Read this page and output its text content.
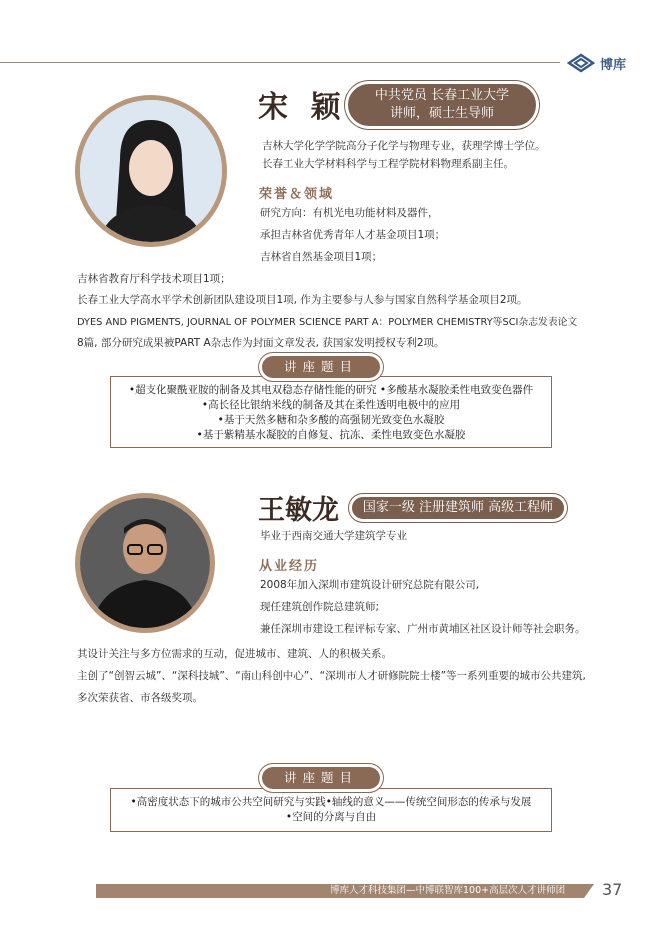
博库
宋 颖	中共党员 长春工业大学
讲师，硕士生导师
吉林大学化学学院高分子化学与物理专业，获理学博士学位。
长春工业大学材料科学与工程学院材料物理系副主任。
荣誉＆领域
研究方向：有机光电功能材料及器件，
承担吉林省优秀青年人才基金项目1项；
吉林省自然基金项目1项；
吉林省教育厅科学技术项目1项；
长春工业大学高水平学术创新团队建设项目1项, 作为主要参与人参与国家自然科学基金项目2项。
DYES AND PIGMENTS, JOURNAL OF POLYMER SCIENCE PART A：POLYMER CHEMISTRY等SCI杂志发表论文
8篇, 部分研究成果被PART A杂志作为封面文章发表, 获国家发明授权专利2项。
•超支化聚酰亚胺的制备及其电双稳态存储性能的研究 •多酸基水凝胶柔性电致变色器件
•高长径比银纳米线的制备及其在柔性透明电极中的应用
•基于天然多糖和杂多酸的高强韧光致变色水凝胶
•基于紫精基水凝胶的自修复、抗冻、柔性电致变色水凝胶
讲座题目
王敏龙	国家一级 注册建筑师 高级工程师
毕业于西南交通大学建筑学专业
从业经历
2008年加入深圳市建筑设计研究总院有限公司,
现任建筑创作院总建筑师;
兼任深圳市建设工程评标专家、广州市黄埔区社区设计师等社会职务。
其设计关注与多方位需求的互动，促进城市、建筑、人的积极关系。
主创了“创智云城”、“深科技城”、“南山科创中心”、“深圳市人才研修院院士楼”等一系列重要的城市公共建筑,
多次荣获省、市各级奖项。
•高密度状态下的城市公共空间研究与实践•轴线的意义——传统空间形态的传承与发展
•空间的分离与自由
讲座题目
博库人才科技集团—中博联智库100+高层次人才讲师团 37
